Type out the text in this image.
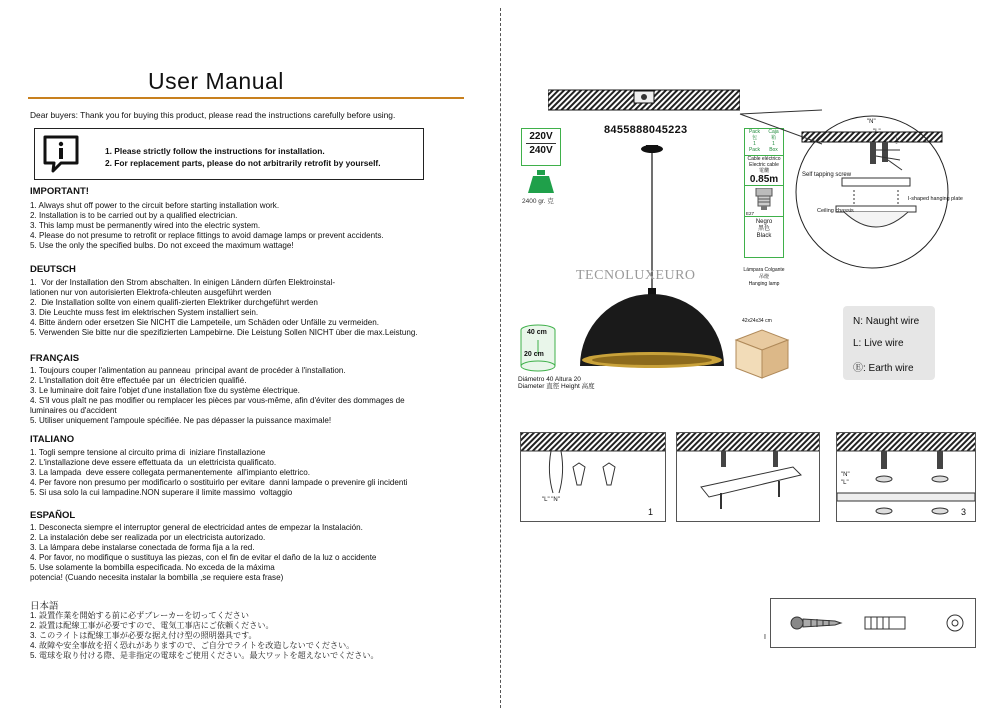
User Manual
Dear buyers: Thank you for buying this product, please read the instructions carefully before using.
1. Please strictly follow the instructions for installation.
2. For replacement parts, please do not arbitrarily retrofit by yourself.
IMPORTANT!
1. Always shut off power to the circuit before starting installation work.
2. Installation is to be carried out by a qualified electrician.
3. This lamp must be permanently wired into the electric system.
4. Please do not presume to retrofit or replace fittings to avoid damage lamps or prevent accidents.
5. Use the only the specified bulbs. Do not exceed the maximum wattage!
DEUTSCH
1.  Vor der Installation den Strom abschalten. In einigen Ländern dürfen Elektroinstal-
lationen nur von autorisierten Elektrofa-chleuten ausgeführt werden
2.  Die Installation sollte von einem qualifi-zierten Elektriker durchgeführt werden
3. Die Leuchte muss fest im elektrischen System installiert sein.
4. Bitte ändern oder ersetzen Sie NICHT die Lampeteile, um Schäden oder Unfälle zu vermeiden.
5. Verwenden Sie bitte nur die spezifizierten Lampebirne. Die Leistung Sollen NICHT über die max.Leistung.
FRANÇAIS
1. Toujours couper l'alimentation au panneau  principal avant de procéder à l'installation.
2. L'installation doit être effectuée par un  électricien qualifié.
3. Le luminaire doit faire l'objet d'une installation fixe du système électrique.
4. S'il vous plaît ne pas modifier ou remplacer les pièces par vous-même, afin d'éviter des dommages de
luminaires ou d'accident
5. Utiliser uniquement l'ampoule spécifiée. Ne pas dépasser la puissance maximale!
ITALIANO
1. Togli sempre tensione al circuito prima di  iniziare l'installazione
2. L'installazione deve essere effettuata da  un elettricista qualificato.
3. La lampada  deve essere collegata permanentemente  all'impianto elettrico.
4. Per favore non presumo per modificarlo o sostituirlo per evitare  danni lampade o prevenire gli incidenti
5. Si usa solo la cui lampadine.NON superare il limite massimo  voltaggio
ESPAÑOL
1. Desconecta siempre el interruptor general de electricidad antes de empezar la Instalación.
2. La instalación debe ser realizada por un electricista autorizado.
3. La lámpara debe instalarse conectada de forma fija a la red.
4. Por favor, no modifique o sustituya las piezas, con el fin de evitar el daño de la luz o accidente
5. Use solamente la bombilla especificada. No exceda de la máxima
potencia! (Cuando necesita instalar la bombilla ,se requiere esta frase)
日本語
1. 設置作業を開始する前に必ずブレーカーを切ってください
2. 設置は配線工事が必要ですので、電気工事店にご依頼ください。
3. このライトは配線工事が必要な据え付け型の照明器具です。
4. 故障や安全事故を招く恐れがありますので、ご自分でライトを改造しないでください。
5. 電球を取り付ける際、是非指定の電球をご使用ください。最大ワットを超えないでください。
220V
240V
2400 gr. 克
8455888045223	Pack	Caja
包	箱
1	1
Pack	Box
Cable eléctrico
Electric cable
電纜
0.85m
E27
Negro
黑色
Black
Lámpara Colgante
吊燈
Hanging lamp
TECNOLUXEURO
40 cm
20 cm
Diámetro 40 Altura 20
Diameter 直徑 Height 高度
42x24x34 cm
"N"
"L"
⏚
Self tapping screw
I-shaped hanging plate
Ceiling chassis
N: Naught wire
L: Live wire
Ⓔ: Earth wire
"L" "N"
1
"N"
"L"
3
I
